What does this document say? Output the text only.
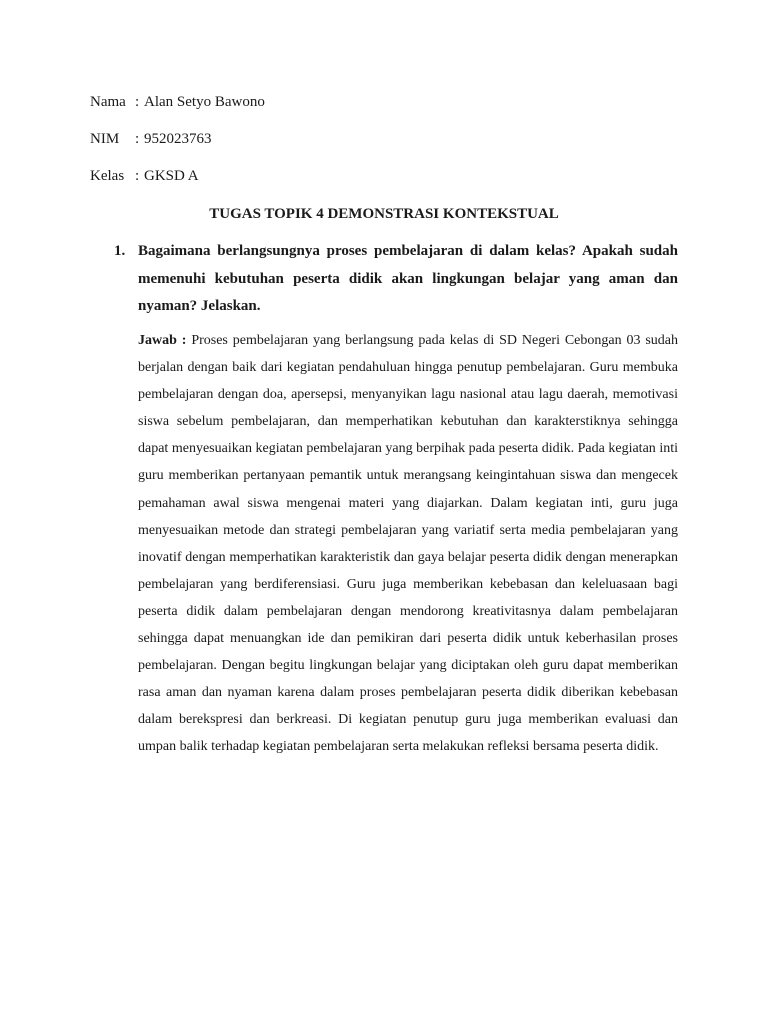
Nama : Alan Setyo Bawono
NIM	: 952023763
Kelas : GKSD A
TUGAS TOPIK 4 DEMONSTRASI KONTEKSTUAL
1. Bagaimana berlangsungnya proses pembelajaran di dalam kelas? Apakah sudah memenuhi kebutuhan peserta didik akan lingkungan belajar yang aman dan nyaman? Jelaskan.
Jawab : Proses pembelajaran yang berlangsung pada kelas di SD Negeri Cebongan 03 sudah berjalan dengan baik dari kegiatan pendahuluan hingga penutup pembelajaran. Guru membuka pembelajaran dengan doa, apersepsi, menyanyikan lagu nasional atau lagu daerah, memotivasi siswa sebelum pembelajaran, dan memperhatikan kebutuhan dan karakterstiknya sehingga dapat menyesuaikan kegiatan pembelajaran yang berpihak pada peserta didik. Pada kegiatan inti guru memberikan pertanyaan pemantik untuk merangsang keingintahuan siswa dan mengecek pemahaman awal siswa mengenai materi yang diajarkan. Dalam kegiatan inti, guru juga menyesuaikan metode dan strategi pembelajaran yang variatif serta media pembelajaran yang inovatif dengan memperhatikan karakteristik dan gaya belajar peserta didik dengan menerapkan pembelajaran yang berdiferensiasi. Guru juga memberikan kebebasan dan keleluasaan bagi peserta didik dalam pembelajaran dengan mendorong kreativitasnya dalam pembelajaran sehingga dapat menuangkan ide dan pemikiran dari peserta didik untuk keberhasilan proses pembelajaran. Dengan begitu lingkungan belajar yang diciptakan oleh guru dapat memberikan rasa aman dan nyaman karena dalam proses pembelajaran peserta didik diberikan kebebasan dalam berekspresi dan berkreasi. Di kegiatan penutup guru juga memberikan evaluasi dan umpan balik terhadap kegiatan pembelajaran serta melakukan refleksi bersama peserta didik.
